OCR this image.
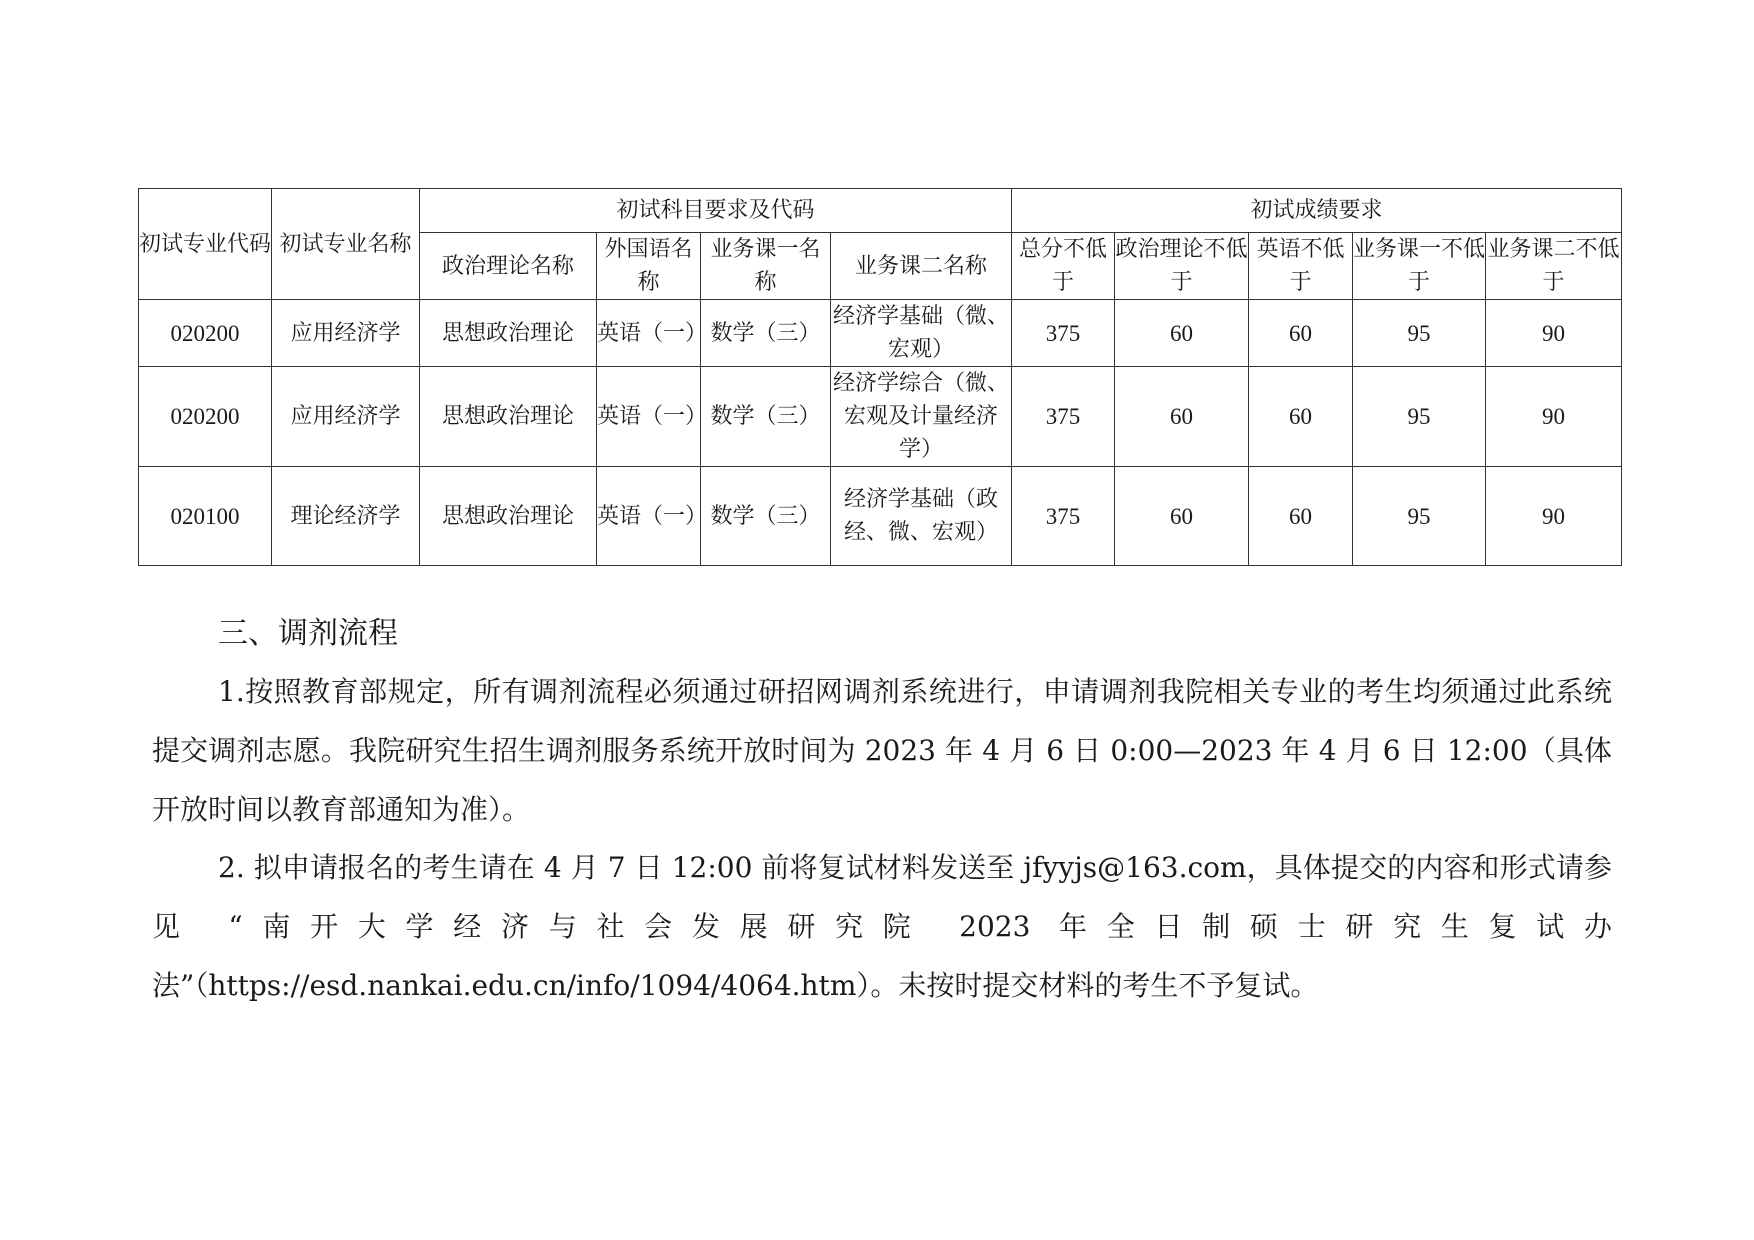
初试专业代码	初试专业名称	初试科目要求及代码				初试成绩要求				
		政治理论名称	外国语名称	业务课一名称	业务课二名称	总分不低于	政治理论不低于	英语不低于	业务课一不低于	业务课二不低于
020200	应用经济学	思想政治理论	英语（一）	数学（三）	经济学基础（微、宏观）	375	60	60	95	90
020200	应用经济学	思想政治理论	英语（一）	数学（三）	经济学综合（微、宏观及计量经济学）	375	60	60	95	90
020100	理论经济学	思想政治理论	英语（一）	数学（三）	经济学基础（政经、微、宏观）	375	60	60	95	90
三、调剂流程

1.按照教育部规定，所有调剂流程必须通过研招网调剂系统进行，申请调剂我院相关专业的考生均须通过此系统提交调剂志愿。我院研究生招生调剂服务系统开放时间为 2023 年 4 月 6 日 0:00—2023 年 4 月 6 日 12:00（具体开放时间以教育部通知为准）。

2. 拟申请报名的考生请在 4 月 7 日 12:00 前将复试材料发送至 jfyyjs@163.com，具体提交的内容和形式请参见 “南开大学经济与社会发展研究院 2023 年全日制硕士研究生复试办法”（https://esd.nankai.edu.cn/info/1094/4064.htm）。未按时提交材料的考生不予复试。
